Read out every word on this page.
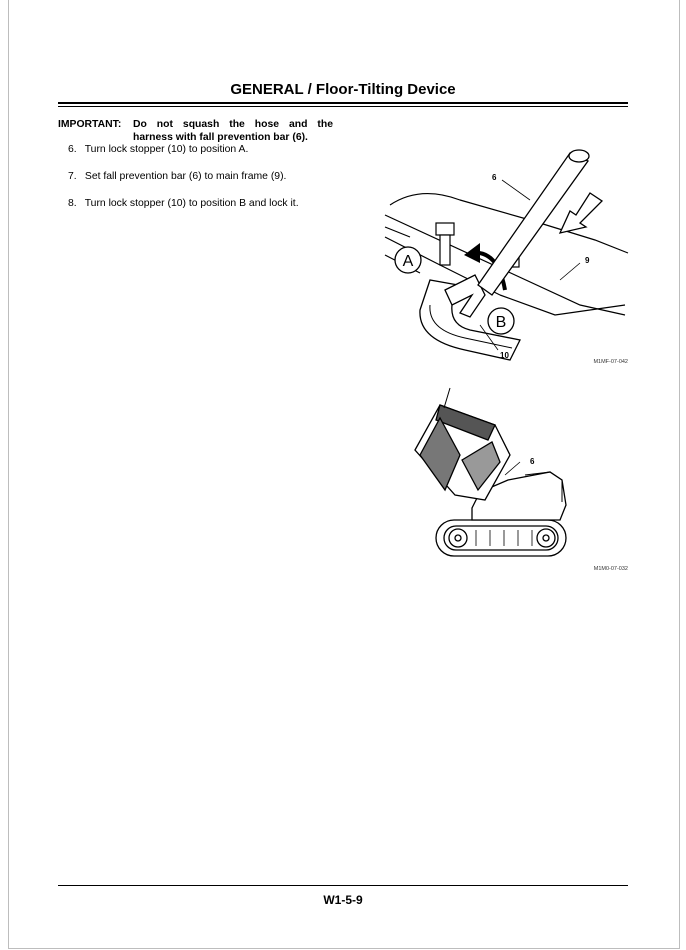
GENERAL / Floor-Tilting Device
IMPORTANT: Do not squash the hose and the
harness with fall prevention bar (6).
6. Turn lock stopper (10) to position A.
7. Set fall prevention bar (6) to main frame (9).
8. Turn lock stopper (10) to position B and lock it.
A
B
6
9
10
M1MF-07-042
6
M1M0-07-032
W1-5-9
